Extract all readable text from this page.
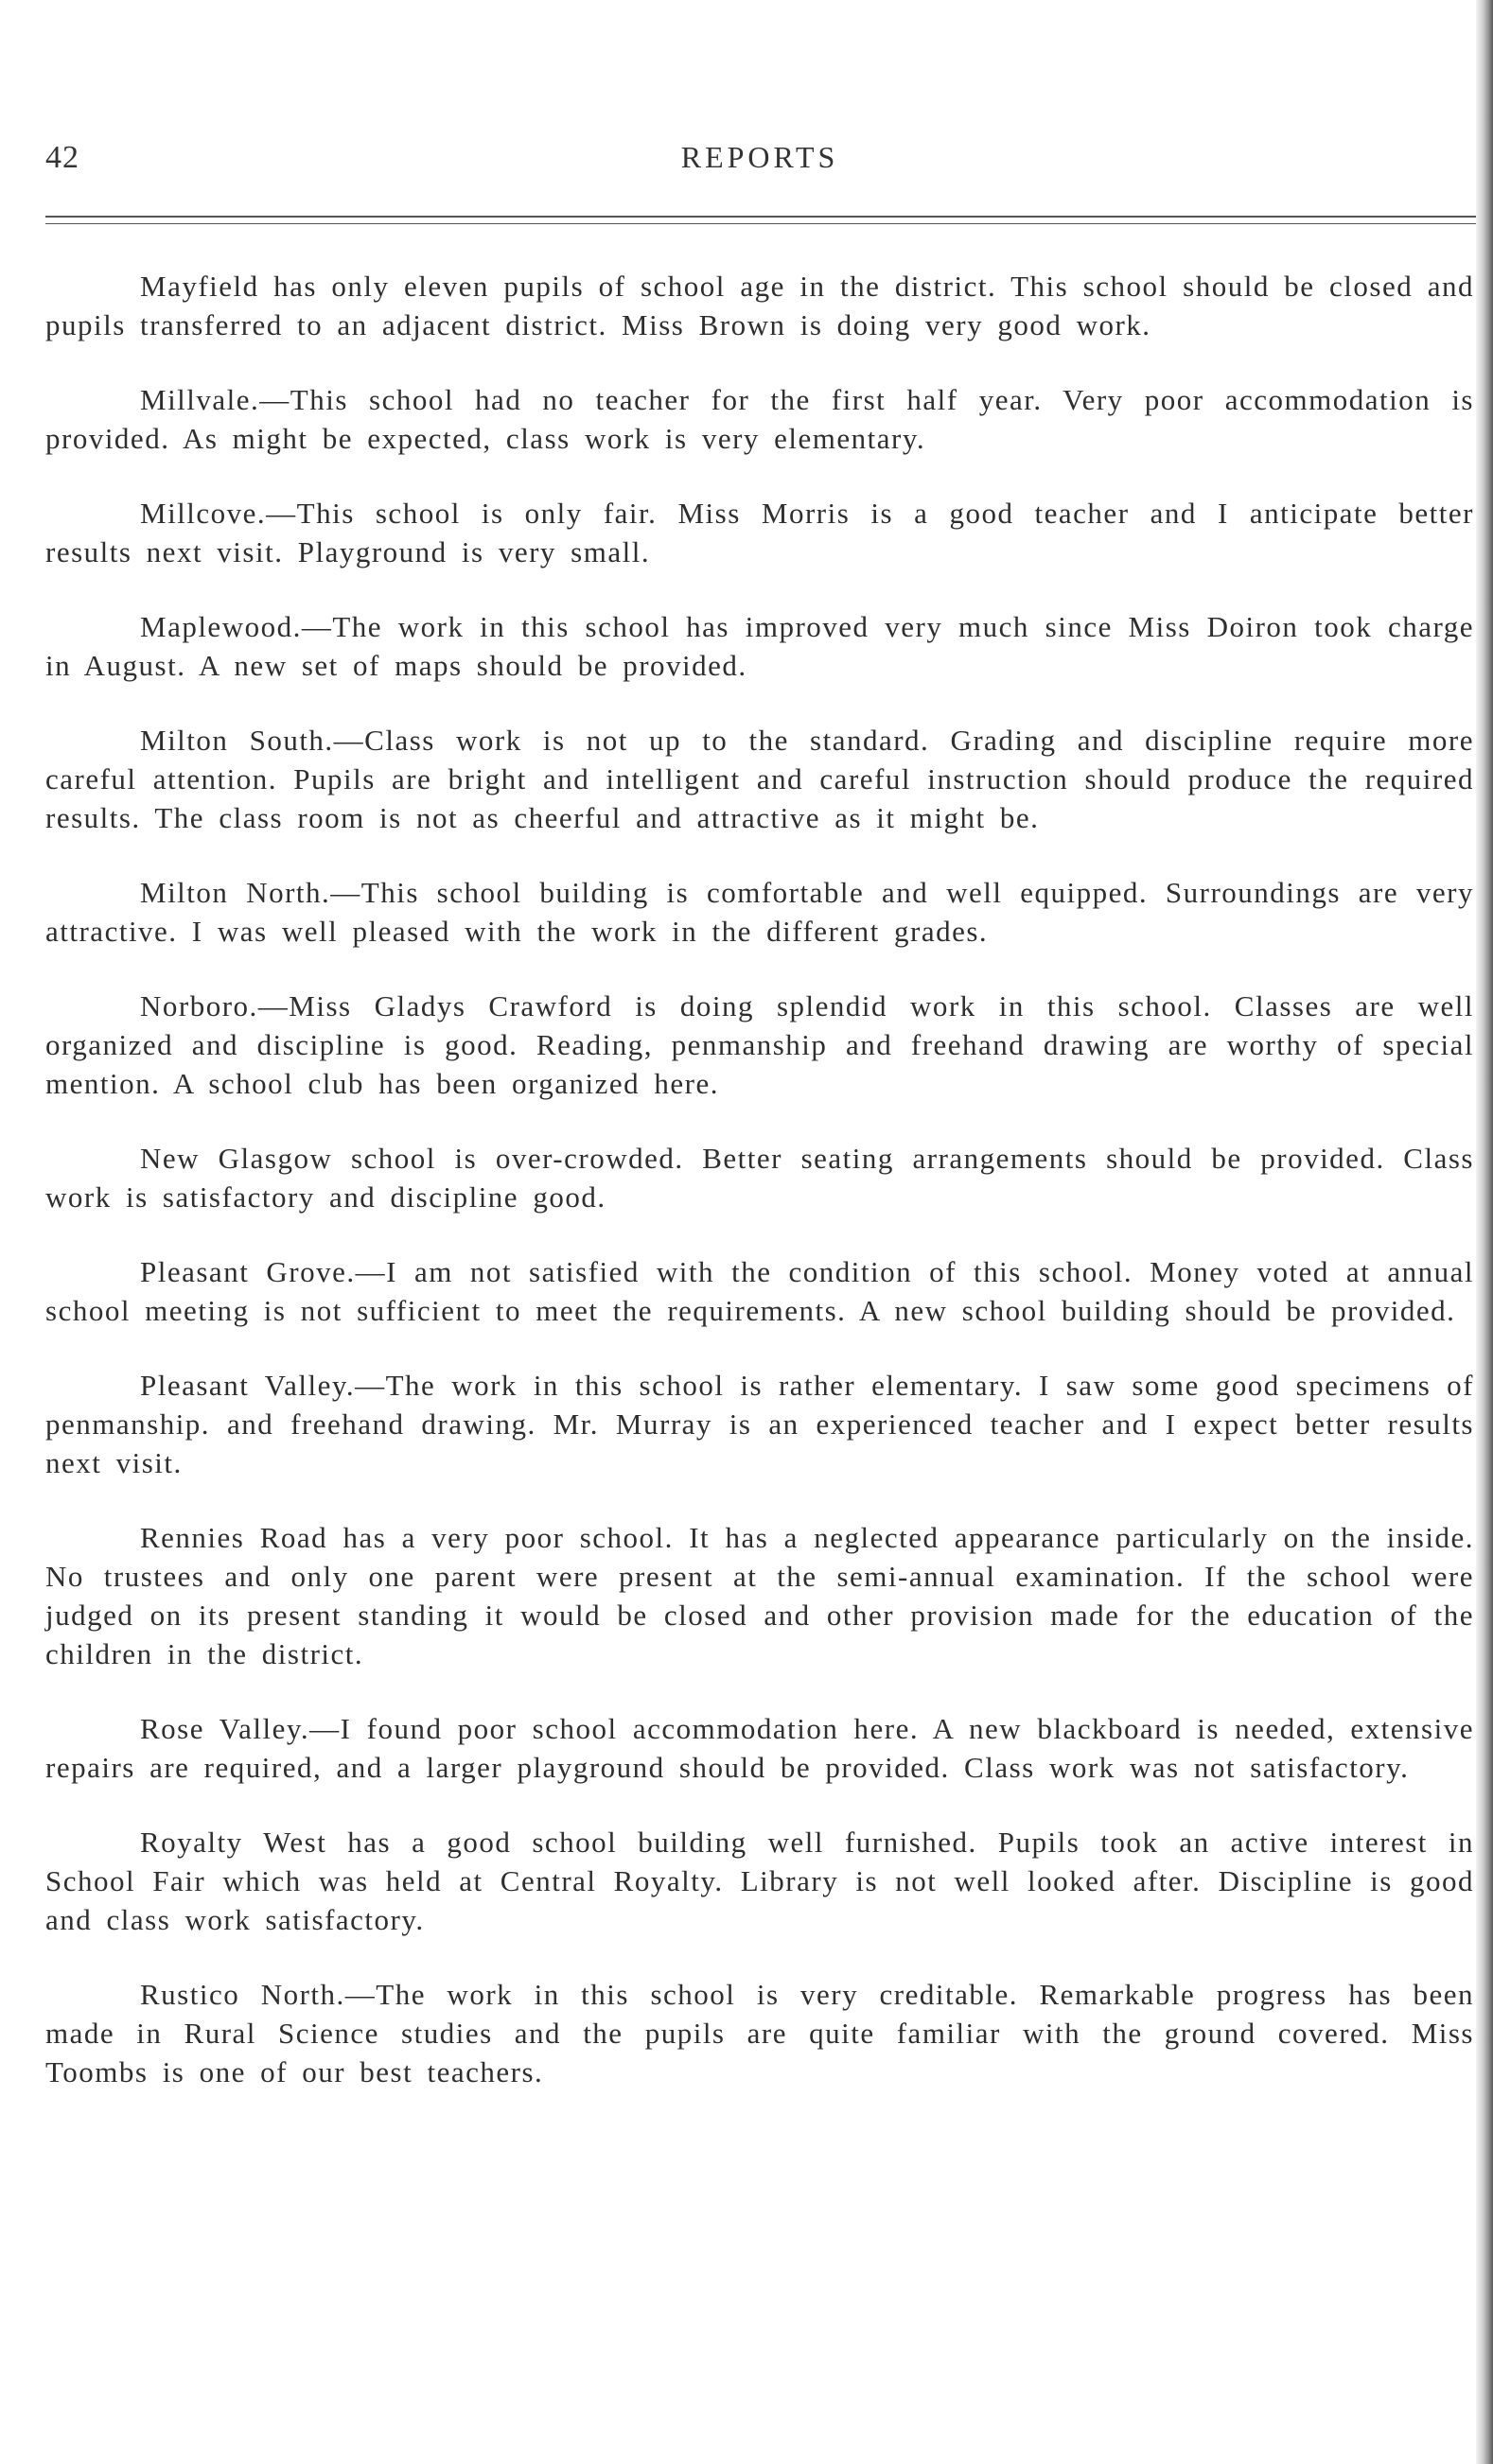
42	REPORTS

Mayfield has only eleven pupils of school age in the district. This school should be closed and pupils transferred to an adjacent district. Miss Brown is doing very good work.

Millvale.—This school had no teacher for the first half year. Very poor accommodation is provided. As might be expected, class work is very elementary.

Millcove.—This school is only fair. Miss Morris is a good teacher and I anticipate better results next visit. Playground is very small.

Maplewood.—The work in this school has improved very much since Miss Doiron took charge in August. A new set of maps should be provided.

Milton South.—Class work is not up to the standard. Grading and discipline require more careful attention. Pupils are bright and intelligent and careful instruction should produce the required results. The class room is not as cheerful and attractive as it might be.

Milton North.—This school building is comfortable and well equipped. Surroundings are very attractive. I was well pleased with the work in the different grades.

Norboro.—Miss Gladys Crawford is doing splendid work in this school. Classes are well organized and discipline is good. Reading, penmanship and freehand drawing are worthy of special mention. A school club has been organized here.

New Glasgow school is over-crowded. Better seating arrangements should be provided. Class work is satisfactory and discipline good.

Pleasant Grove.—I am not satisfied with the condition of this school. Money voted at annual school meeting is not sufficient to meet the requirements. A new school building should be provided.

Pleasant Valley.—The work in this school is rather elementary. I saw some good specimens of penmanship. and freehand drawing. Mr. Murray is an experienced teacher and I expect better results next visit.

Rennies Road has a very poor school. It has a neglected appearance particularly on the inside. No trustees and only one parent were present at the semi-annual examination. If the school were judged on its present standing it would be closed and other provision made for the education of the children in the district.

Rose Valley.—I found poor school accommodation here. A new blackboard is needed, extensive repairs are required, and a larger playground should be provided. Class work was not satisfactory.

Royalty West has a good school building well furnished. Pupils took an active interest in School Fair which was held at Central Royalty. Library is not well looked after. Discipline is good and class work satisfactory.

Rustico North.—The work in this school is very creditable. Remarkable progress has been made in Rural Science studies and the pupils are quite familiar with the ground covered. Miss Toombs is one of our best teachers.
